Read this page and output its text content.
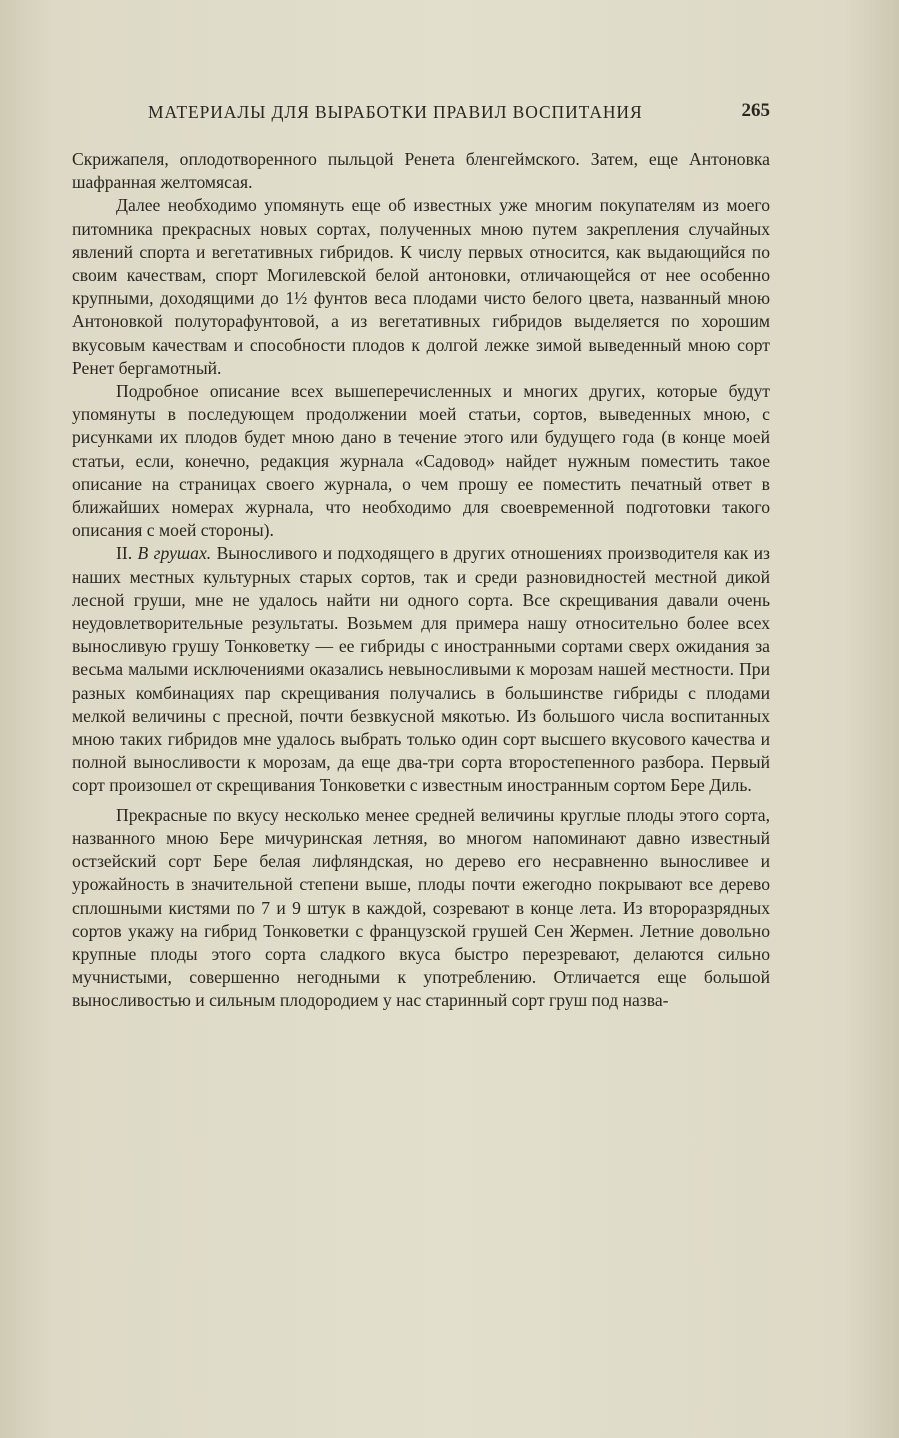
МАТЕРИАЛЫ ДЛЯ ВЫРАБОТКИ ПРАВИЛ ВОСПИТАНИЯ	265

Скрижапеля, оплодотворенного пыльцой Ренета бленгеймского. Затем, еще Антоновка шафранная желтомясая.

Далее необходимо упомянуть еще об известных уже многим покупателям из моего питомника прекрасных новых сортах, полученных мною путем закрепления случайных явлений спорта и вегетативных гибридов. К числу первых относится, как выдающийся по своим качествам, спорт Могилевской белой антоновки, отличающейся от нее особенно крупными, доходящими до 1½ фунтов веса плодами чисто белого цвета, названный мною Антоновкой полуторафунтовой, а из вегетативных гибридов выделяется по хорошим вкусовым качествам и способности плодов к долгой лежке зимой выведенный мною сорт Ренет бергамотный.

Подробное описание всех вышеперечисленных и многих других, которые будут упомянуты в последующем продолжении моей статьи, сортов, выведенных мною, с рисунками их плодов будет мною дано в течение этого или будущего года (в конце моей статьи, если, конечно, редакция журнала «Садовод» найдет нужным поместить такое описание на страницах своего журнала, о чем прошу ее поместить печатный ответ в ближайших номерах журнала, что необходимо для своевременной подготовки такого описания с моей стороны).

II. В грушах. Выносливого и подходящего в других отношениях производителя как из наших местных культурных старых сортов, так и среди разновидностей местной дикой лесной груши, мне не удалось найти ни одного сорта. Все скрещивания давали очень неудовлетворительные результаты. Возьмем для примера нашу относительно более всех выносливую грушу Тонковетку — ее гибриды с иностранными сортами сверх ожидания за весьма малыми исключениями оказались невыносливыми к морозам нашей местности. При разных комбинациях пар скрещивания получались в большинстве гибриды с плодами мелкой величины с пресной, почти безвкусной мякотью. Из большого числа воспитанных мною таких гибридов мне удалось выбрать только один сорт высшего вкусового качества и полной выносливости к морозам, да еще два-три сорта второстепенного разбора. Первый сорт произошел от скрещивания Тонковетки с известным иностранным сортом Бере Диль.

Прекрасные по вкусу несколько менее средней величины круглые плоды этого сорта, названного мною Бере мичуринская летняя, во многом напоминают давно известный остзейский сорт Бере белая лифляндская, но дерево его несравненно выносливее и урожайность в значительной степени выше, плоды почти ежегодно покрывают все дерево сплошными кистями по 7 и 9 штук в каждой, созревают в конце лета. Из второразрядных сортов укажу на гибрид Тонковетки с французской грушей Сен Жермен. Летние довольно крупные плоды этого сорта сладкого вкуса быстро перезревают, делаются сильно мучнистыми, совершенно негодными к употреблению. Отличается еще большой выносливостью и сильным плодородием у нас старинный сорт груш под назва-
